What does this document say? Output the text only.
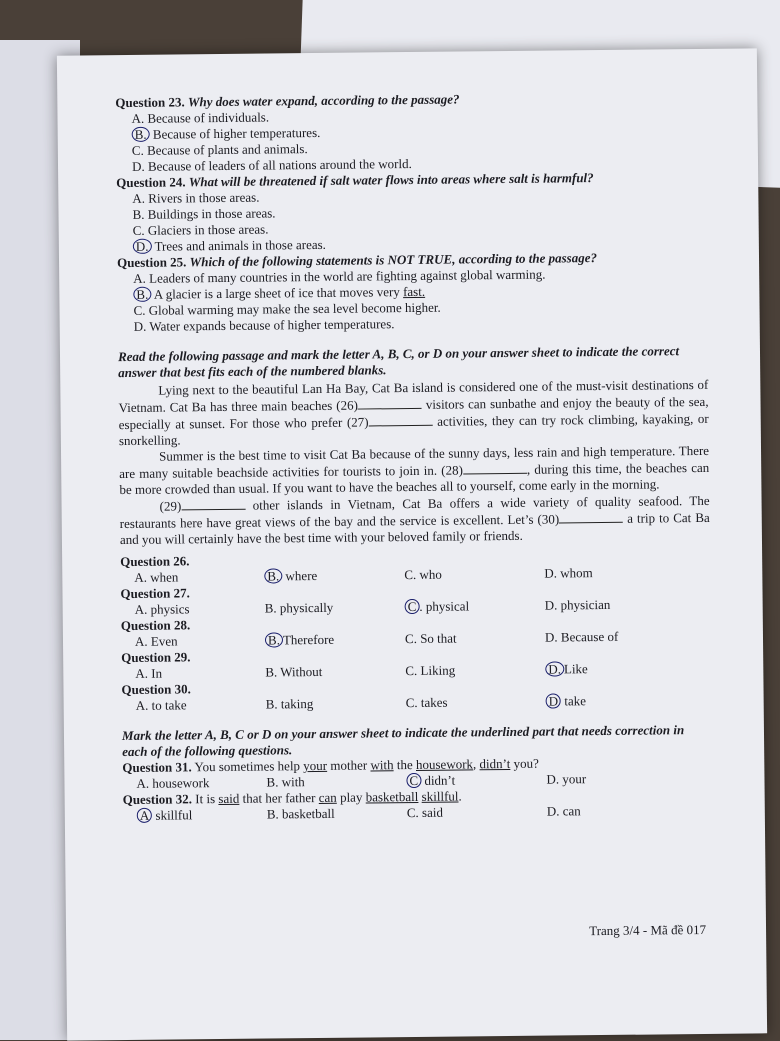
Question 23. Why does water expand, according to the passage?
A. Because of individuals.
B. Because of higher temperatures.
C. Because of plants and animals.
D. Because of leaders of all nations around the world.
Question 24. What will be threatened if salt water flows into areas where salt is harmful?
A. Rivers in those areas.
B. Buildings in those areas.
C. Glaciers in those areas.
D. Trees and animals in those areas.
Question 25. Which of the following statements is NOT TRUE, according to the passage?
A. Leaders of many countries in the world are fighting against global warming.
B. A glacier is a large sheet of ice that moves very fast.
C. Global warming may make the sea level become higher.
D. Water expands because of higher temperatures.
Read the following passage and mark the letter A, B, C, or D on your answer sheet to indicate the correct answer that best fits each of the numbered blanks.
Lying next to the beautiful Lan Ha Bay, Cat Ba island is considered one of the must-visit destinations of Vietnam. Cat Ba has three main beaches (26)	visitors can sunbathe and enjoy the beauty of the sea, especially at sunset. For those who prefer (27)	activities, they can try rock climbing, kayaking, or snorkelling.
Summer is the best time to visit Cat Ba because of the sunny days, less rain and high temperature. There are many suitable beachside activities for tourists to join in. (28)	, during this time, the beaches can be more crowded than usual. If you want to have the beaches all to yourself, come early in the morning.
(29)	other islands in Vietnam, Cat Ba offers a wide variety of quality seafood. The restaurants here have great views of the bay and the service is excellent. Let’s (30)	a trip to Cat Ba and you will certainly have the best time with your beloved family or friends.
Question 26.
A. when	B. where	C. who	D. whom
Question 27.
A. physics	B. physically	C . physical	D. physician
Question 28.
A. Even	B. Therefore	C. So that	D. Because of
Question 29.
A. In	B. Without	C. Liking	D. Like
Question 30.
A. to take	B. taking	C. takes	D take
Mark the letter A, B, C or D on your answer sheet to indicate the underlined part that needs correction in each of the following questions.
Question 31. You sometimes help your mother with the housework, didn’t you?
A. housework	B. with	C didn’t	D. your
Question 32. It is said that her father can play basketball skillful.
A skillful	B. basketball	C. said	D. can
Trang 3/4 - Mã đề 017
